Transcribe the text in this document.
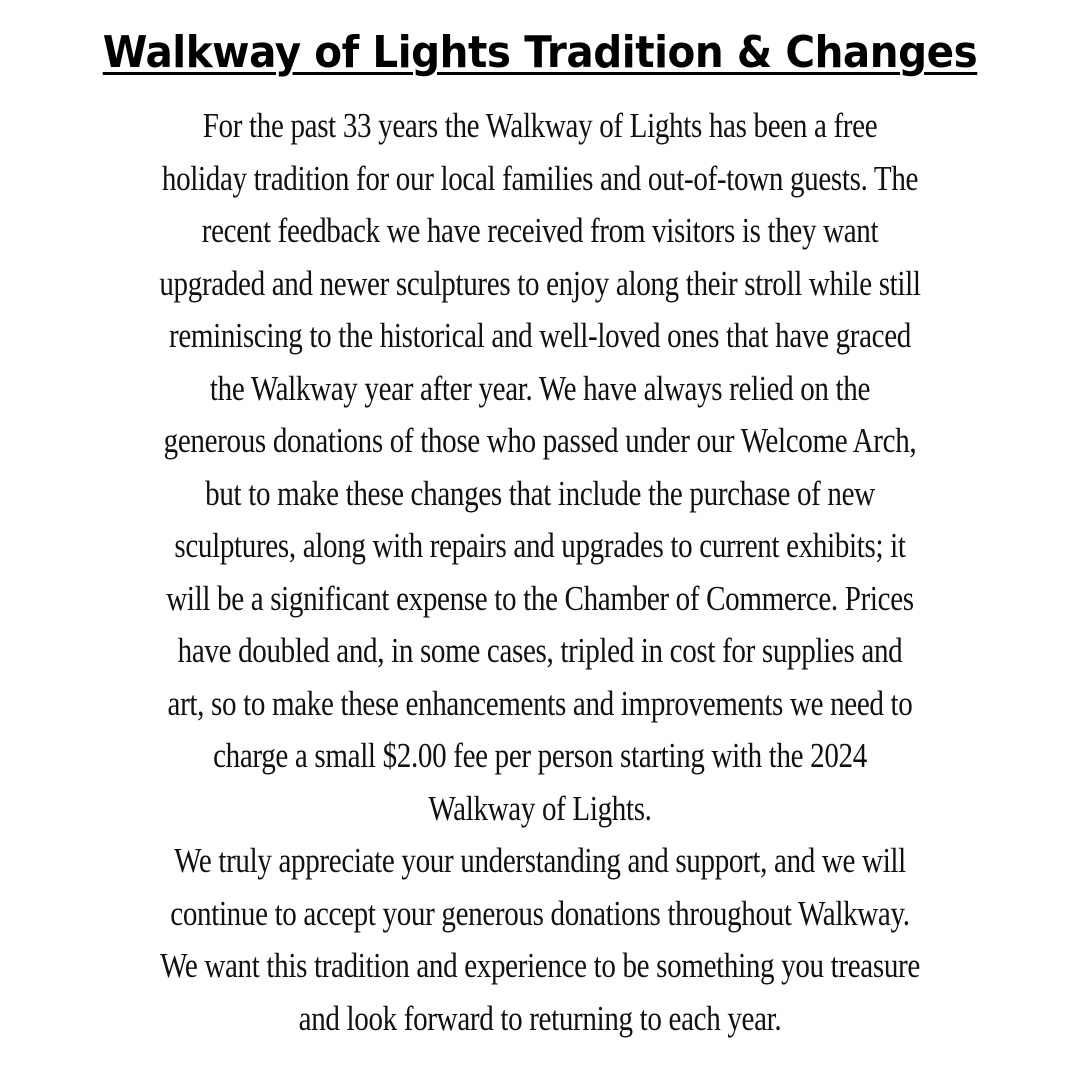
Walkway of Lights Tradition & Changes
For the past 33 years the Walkway of Lights has been a free
holiday tradition for our local families and out-of-town guests. The
recent feedback we have received from visitors is they want
upgraded and newer sculptures to enjoy along their stroll while still
reminiscing to the historical and well-loved ones that have graced
the Walkway year after year. We have always relied on the
generous donations of those who passed under our Welcome Arch,
but to make these changes that include the purchase of new
sculptures, along with repairs and upgrades to current exhibits; it
will be a significant expense to the Chamber of Commerce. Prices
have doubled and, in some cases, tripled in cost for supplies and
art, so to make these enhancements and improvements we need to
charge a small $2.00 fee per person starting with the 2024
Walkway of Lights.
We truly appreciate your understanding and support, and we will
continue to accept your generous donations throughout Walkway.
We want this tradition and experience to be something you treasure
and look forward to returning to each year.
